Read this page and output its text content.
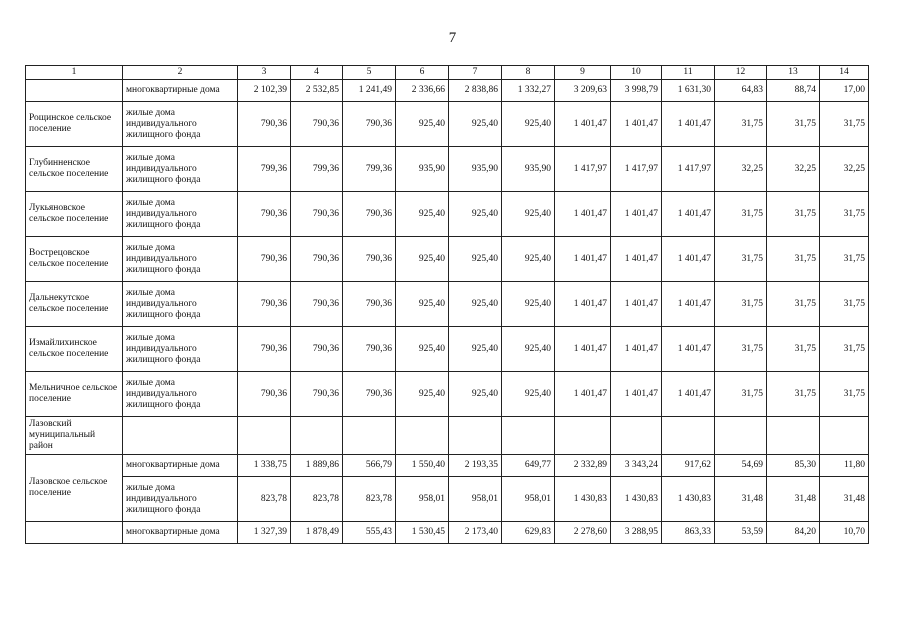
7
1	2	3	4	5	6	7	8	9	10	11	12	13	14
	многоквартирные дома	2 102,39	2 532,85	1 241,49	2 336,66	2 838,86	1 332,27	3 209,63	3 998,79	1 631,30	64,83	88,74	17,00
Рощинское сельское поселение	жилые дома индивидуального жилищного фонда	790,36	790,36	790,36	925,40	925,40	925,40	1 401,47	1 401,47	1 401,47	31,75	31,75	31,75
Глубинненское сельское поселение	жилые дома индивидуального жилищного фонда	799,36	799,36	799,36	935,90	935,90	935,90	1 417,97	1 417,97	1 417,97	32,25	32,25	32,25
Лукьяновское сельское поселение	жилые дома индивидуального жилищного фонда	790,36	790,36	790,36	925,40	925,40	925,40	1 401,47	1 401,47	1 401,47	31,75	31,75	31,75
Вострецовское сельское поселение	жилые дома индивидуального жилищного фонда	790,36	790,36	790,36	925,40	925,40	925,40	1 401,47	1 401,47	1 401,47	31,75	31,75	31,75
Дальнекутское сельское поселение	жилые дома индивидуального жилищного фонда	790,36	790,36	790,36	925,40	925,40	925,40	1 401,47	1 401,47	1 401,47	31,75	31,75	31,75
Измайлихинское сельское поселение	жилые дома индивидуального жилищного фонда	790,36	790,36	790,36	925,40	925,40	925,40	1 401,47	1 401,47	1 401,47	31,75	31,75	31,75
Мельничное сельское поселение	жилые дома индивидуального жилищного фонда	790,36	790,36	790,36	925,40	925,40	925,40	1 401,47	1 401,47	1 401,47	31,75	31,75	31,75
Лазовский муниципальный район													
Лазовское сельское поселение	многоквартирные дома	1 338,75	1 889,86	566,79	1 550,40	2 193,35	649,77	2 332,89	3 343,24	917,62	54,69	85,30	11,80
	жилые дома индивидуального жилищного фонда	823,78	823,78	823,78	958,01	958,01	958,01	1 430,83	1 430,83	1 430,83	31,48	31,48	31,48
	многоквартирные дома	1 327,39	1 878,49	555,43	1 530,45	2 173,40	629,83	2 278,60	3 288,95	863,33	53,59	84,20	10,70
